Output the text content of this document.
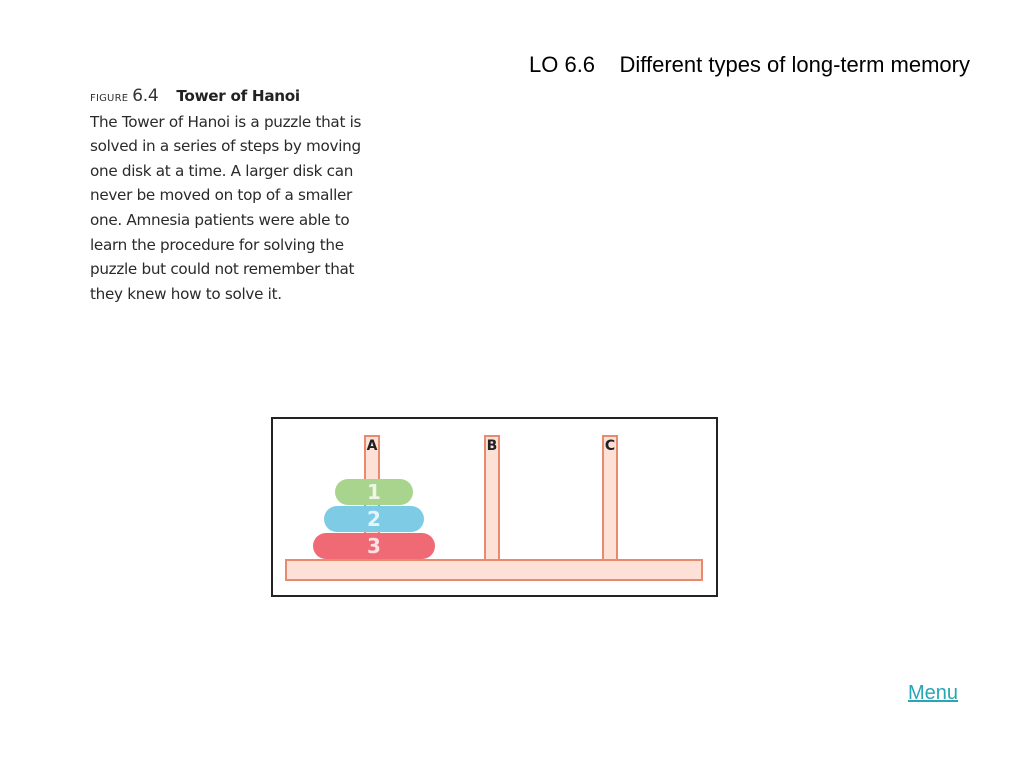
LO 6.6    Different types of long-term memory
figure 6.4 Tower of Hanoi
The Tower of Hanoi is a puzzle that is
solved in a series of steps by moving
one disk at a time. A larger disk can
never be moved on top of a smaller
one. Amnesia patients were able to
learn the procedure for solving the
puzzle but could not remember that
they knew how to solve it.
A	B	C
1
2
3
Menu
